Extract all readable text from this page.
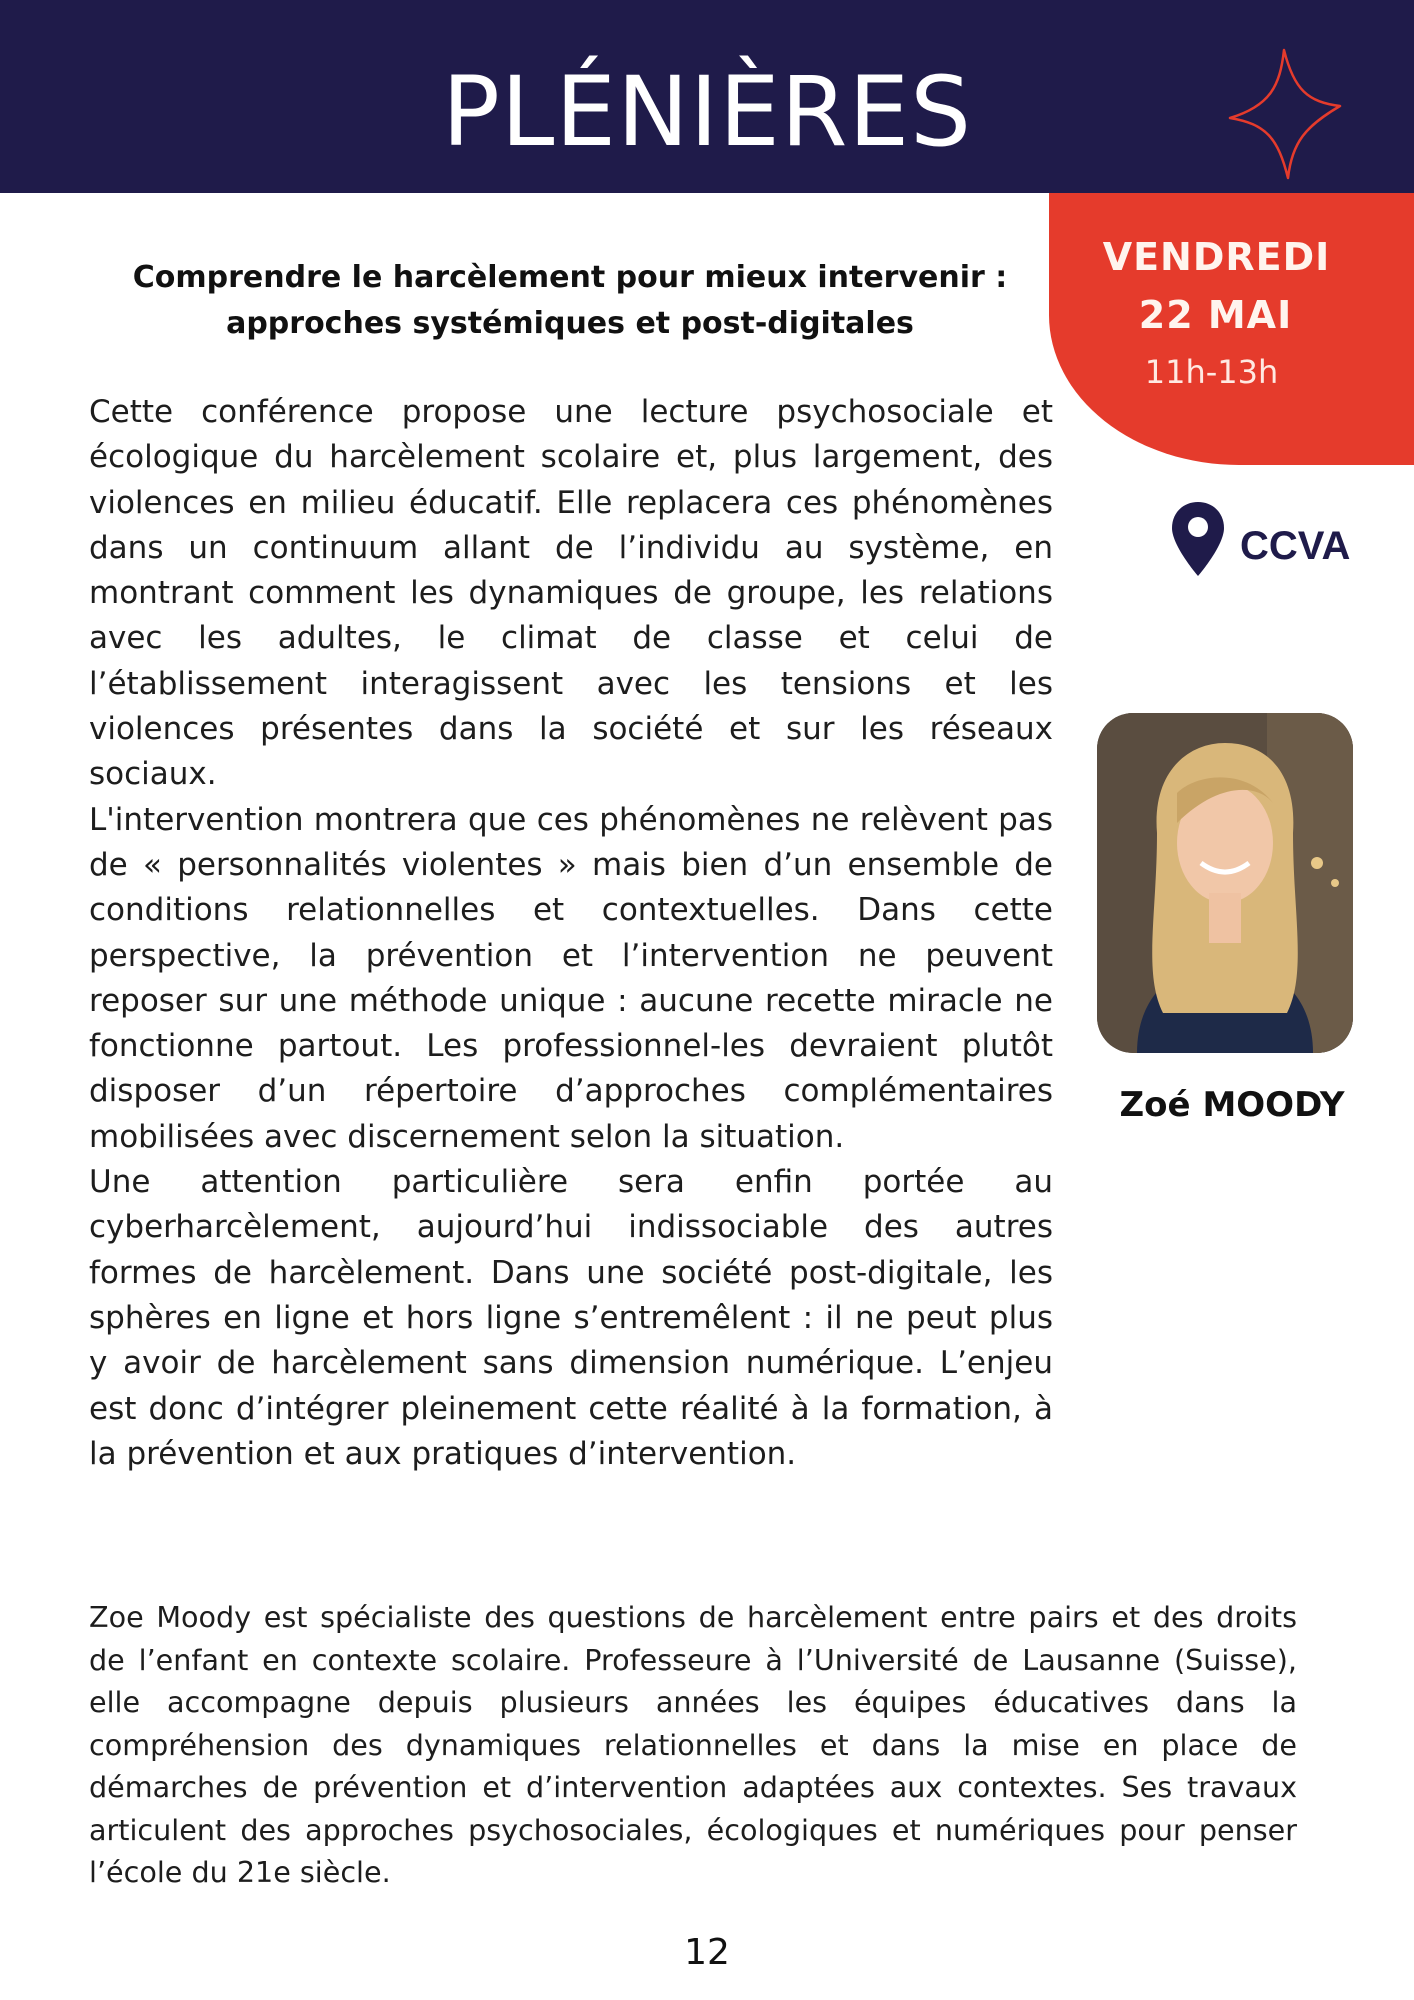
PLÉNIÈRES
VENDREDI
22 MAI
11h-13h
CCVA
Comprendre le harcèlement pour mieux intervenir :
approches systémiques et post-digitales

Cette conférence propose une lecture psychosociale et écologique du harcèlement scolaire et, plus largement, des violences en milieu éducatif. Elle replacera ces phénomènes dans un continuum allant de l’individu au système, en montrant comment les dynamiques de groupe, les relations avec les adultes, le climat de classe et celui de l’établissement interagissent avec les tensions et les violences présentes dans la société et sur les réseaux sociaux.

L'intervention montrera que ces phénomènes ne relèvent pas de « personnalités violentes » mais bien d’un ensemble de conditions relationnelles et contextuelles. Dans cette perspective, la prévention et l’intervention ne peuvent reposer sur une méthode unique : aucune recette miracle ne fonctionne partout. Les professionnel-les devraient plutôt disposer d’un répertoire d’approches complémentaires mobilisées avec discernement selon la situation.

Une attention particulière sera enfin portée au cyberharcèlement, aujourd’hui indissociable des autres formes de harcèlement. Dans une société post-digitale, les sphères en ligne et hors ligne s’entremêlent : il ne peut plus y avoir de harcèlement sans dimension numérique. L’enjeu est donc d’intégrer pleinement cette réalité à la formation, à la prévention et aux pratiques d’intervention.

Zoé MOODY
Zoe Moody est spécialiste des questions de harcèlement entre pairs et des droits de l’enfant en contexte scolaire. Professeure à l’Université de Lausanne (Suisse), elle accompagne depuis plusieurs années les équipes éducatives dans la compréhension des dynamiques relationnelles et dans la mise en place de démarches de prévention et d’intervention adaptées aux contextes. Ses travaux articulent des approches psychosociales, écologiques et numériques pour penser l’école du 21e siècle.
12
